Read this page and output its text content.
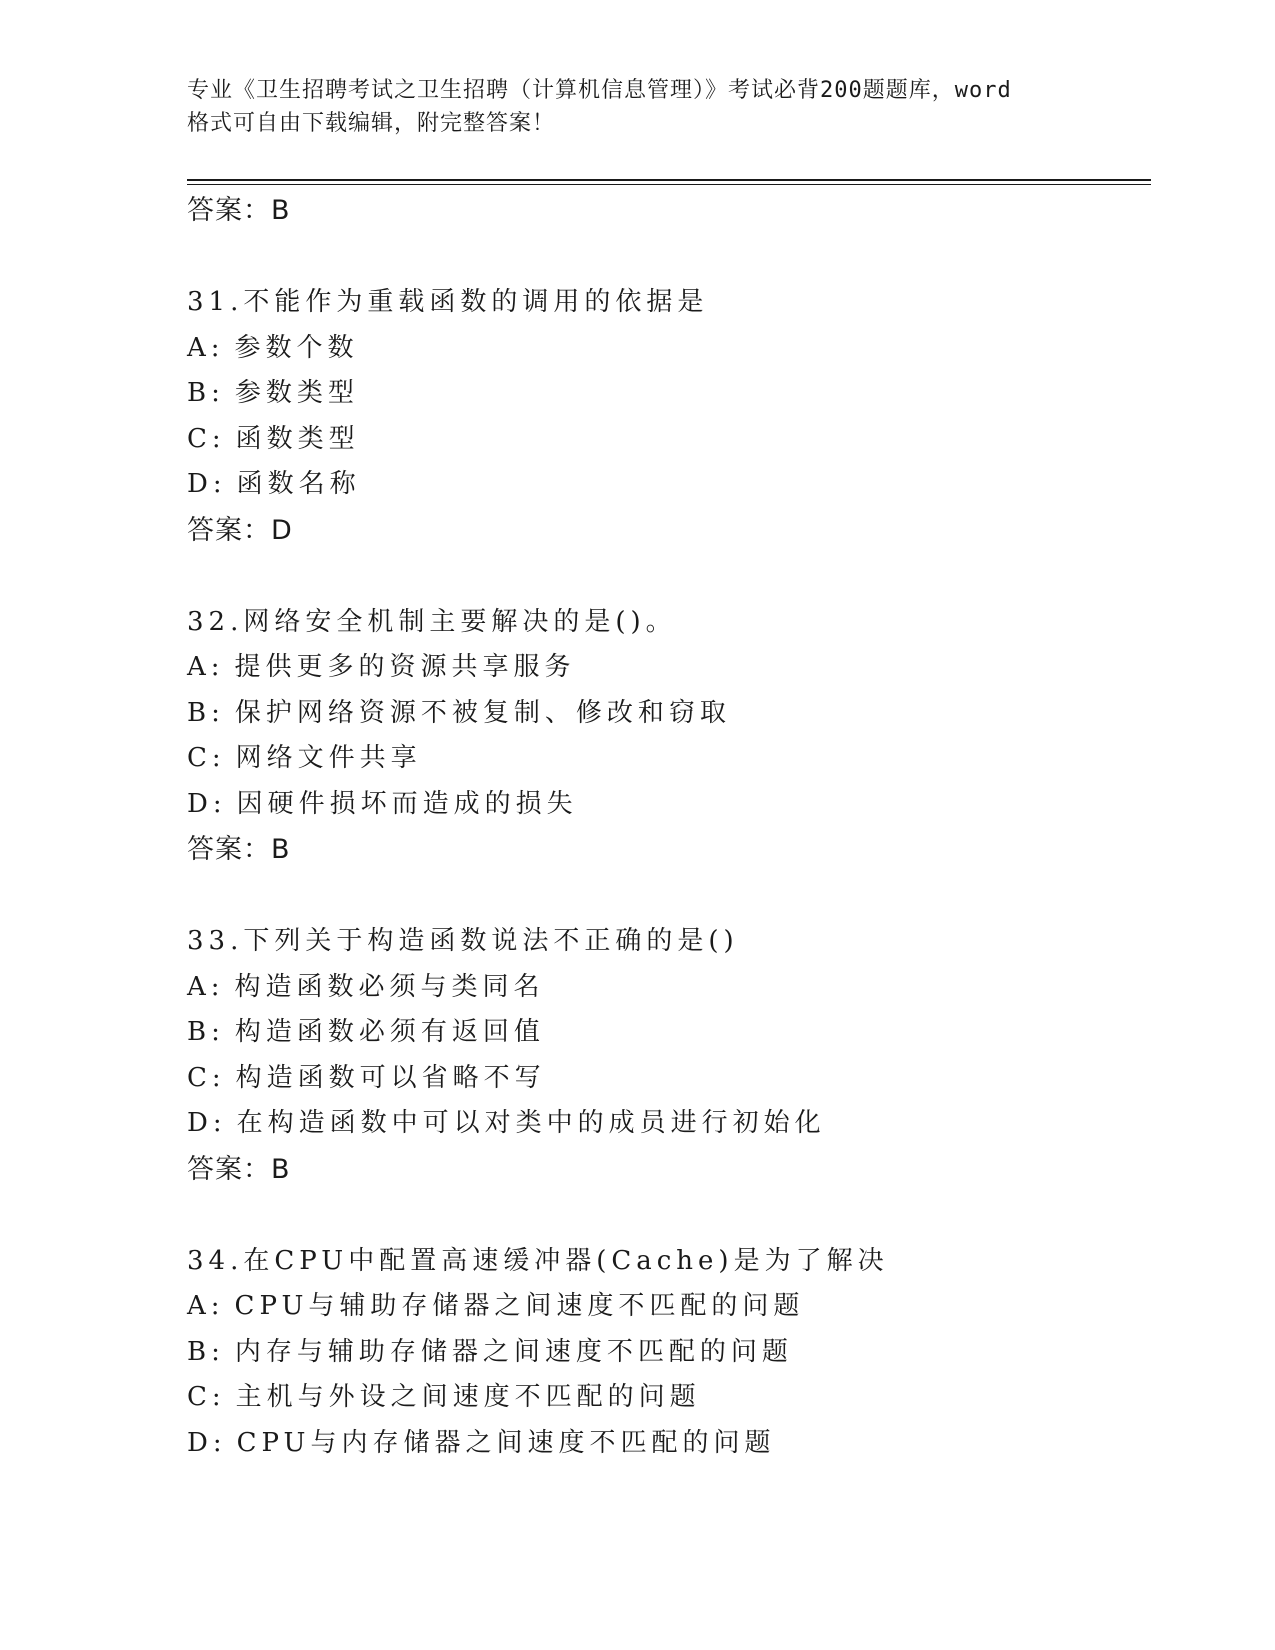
专业《卫生招聘考试之卫生招聘（计算机信息管理）》考试必背200题题库，word
格式可自由下载编辑，附完整答案！
答案：B
31.不能作为重载函数的调用的依据是
A: 参数个数
B: 参数类型
C: 函数类型
D: 函数名称
答案：D
32.网络安全机制主要解决的是()。
A: 提供更多的资源共享服务
B: 保护网络资源不被复制、修改和窃取
C: 网络文件共享
D: 因硬件损坏而造成的损失
答案：B
33.下列关于构造函数说法不正确的是()
A: 构造函数必须与类同名
B: 构造函数必须有返回值
C: 构造函数可以省略不写
D: 在构造函数中可以对类中的成员进行初始化
答案：B
34.在CPU中配置高速缓冲器(Cache)是为了解决
A: CPU与辅助存储器之间速度不匹配的问题
B: 内存与辅助存储器之间速度不匹配的问题
C: 主机与外设之间速度不匹配的问题
D: CPU与内存储器之间速度不匹配的问题
